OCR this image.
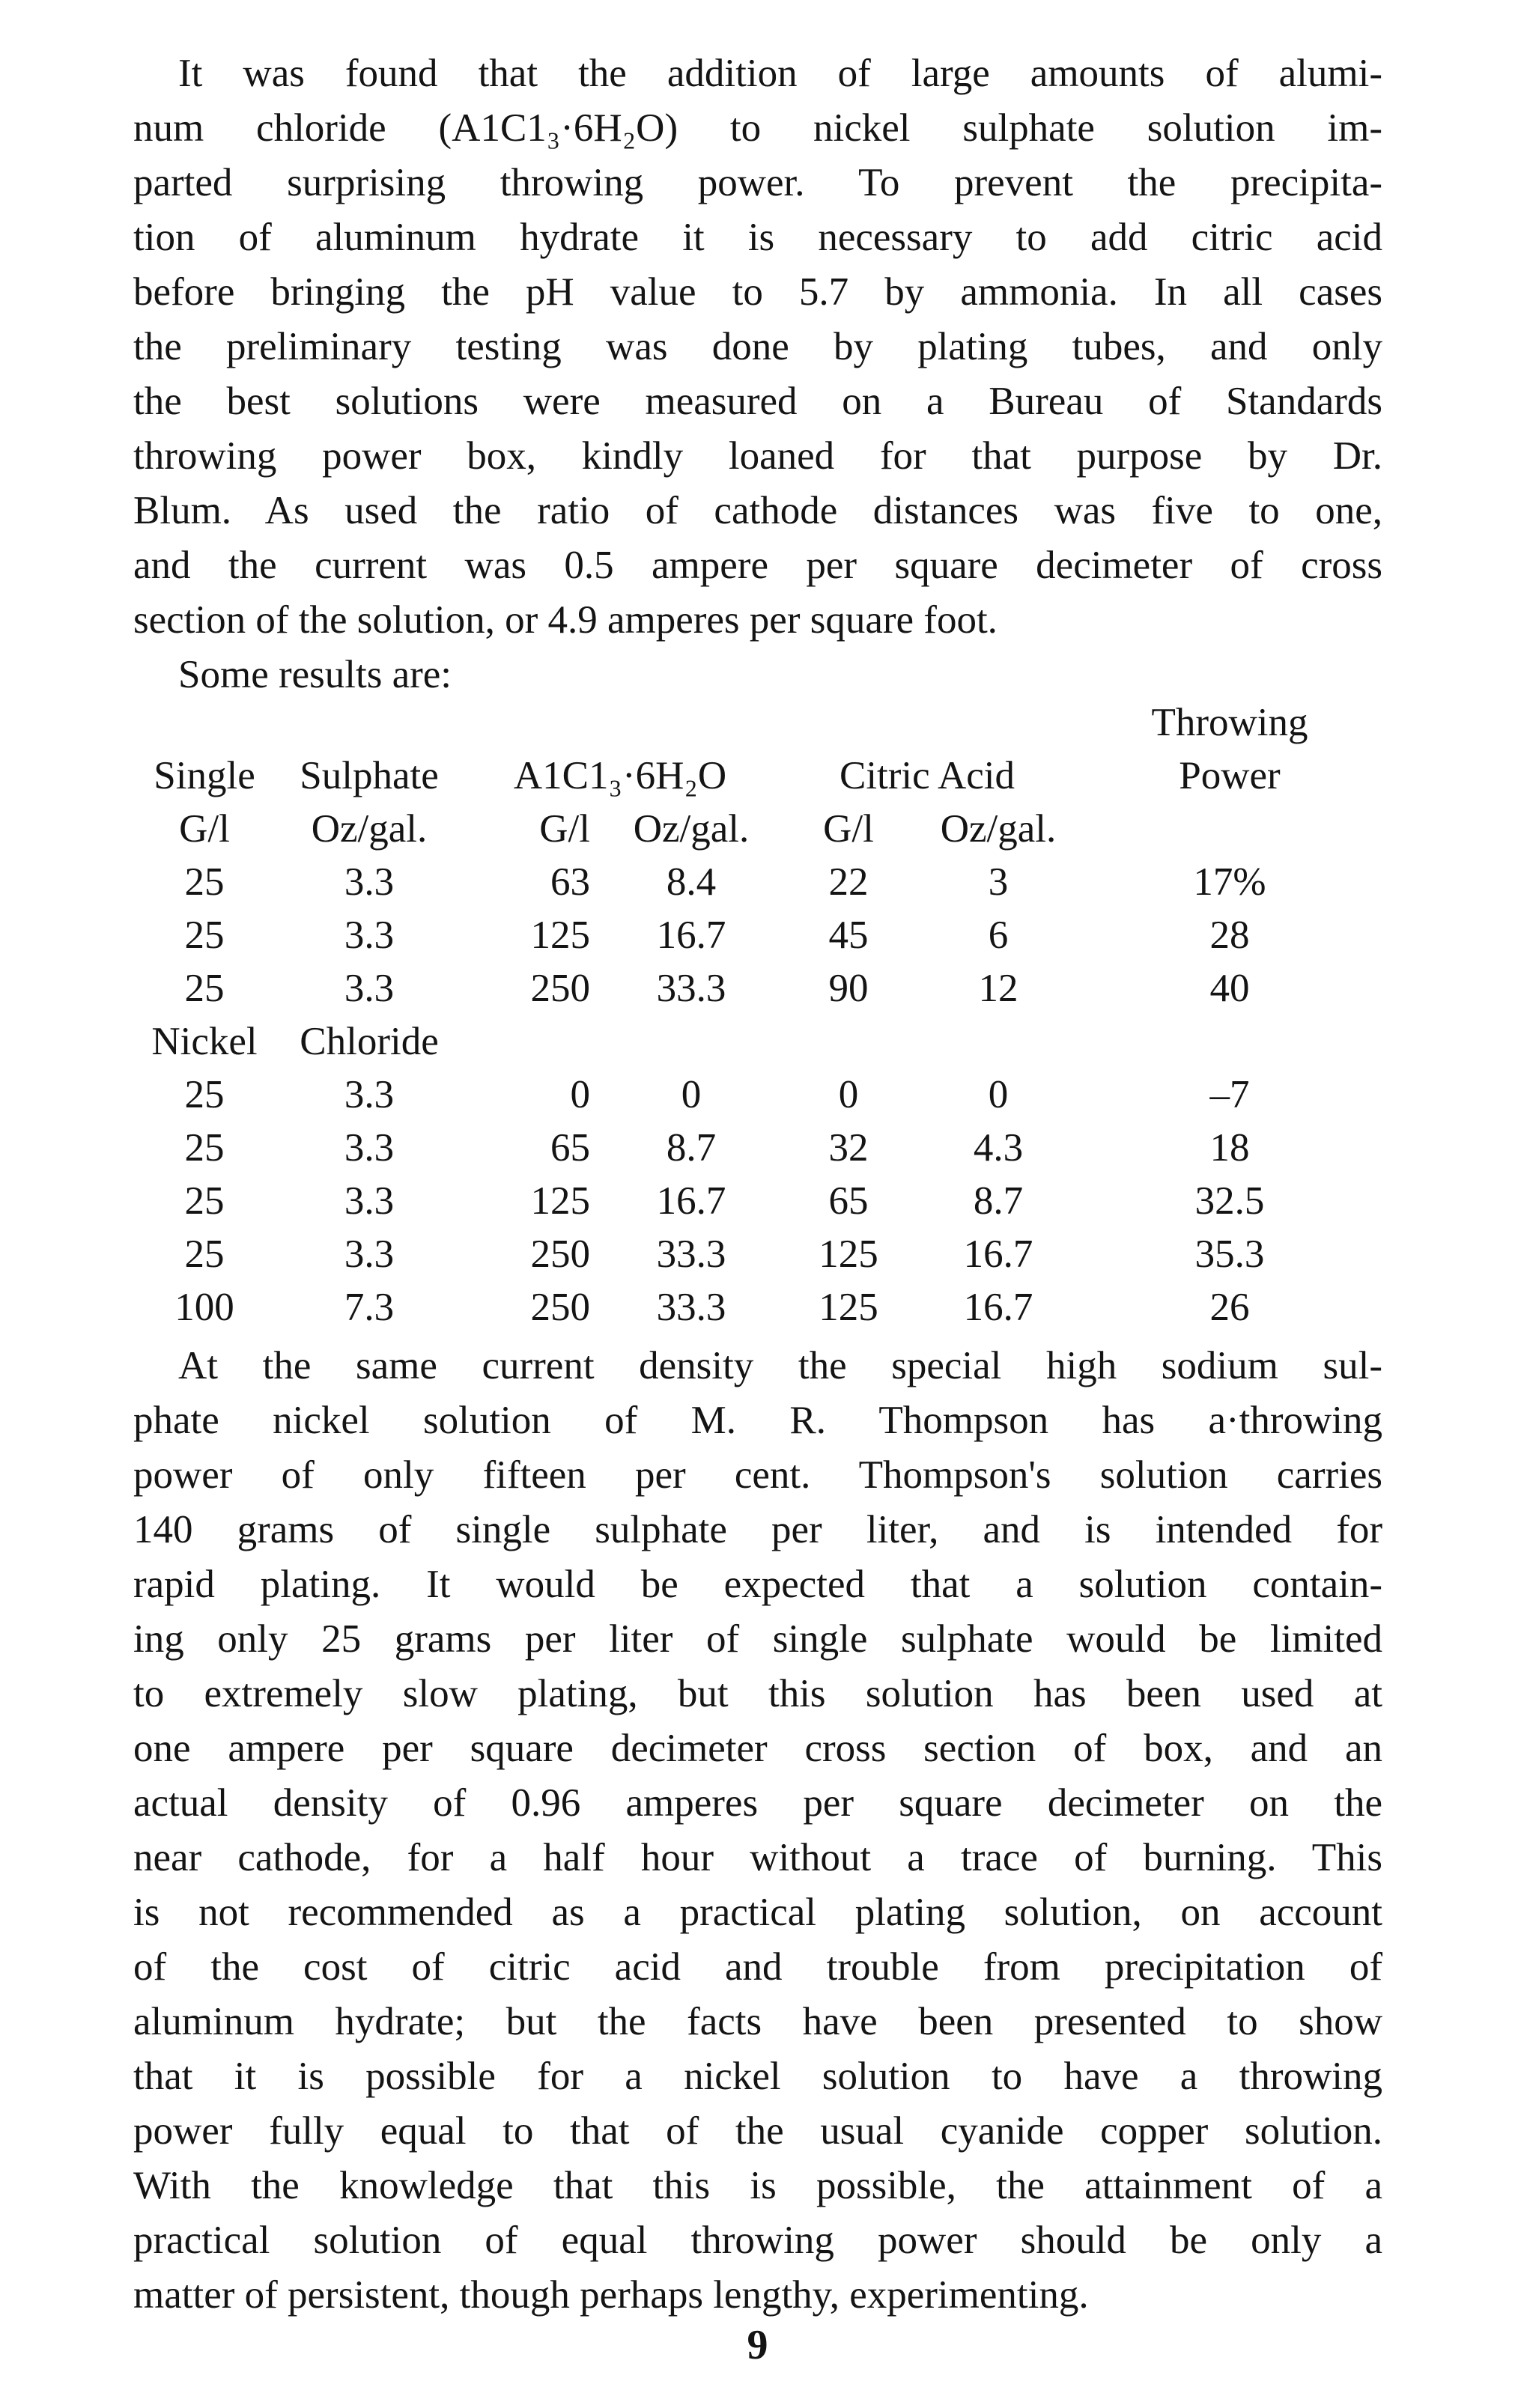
It was found that the addition of large amounts of alumi-
num chloride (A1C1₃·6H₂O) to nickel sulphate solution im-
parted surprising throwing power. To prevent the precipita-
tion of aluminum hydrate it is necessary to add citric acid
before bringing the pH value to 5.7 by ammonia. In all cases
the preliminary testing was done by plating tubes, and only
the best solutions were measured on a Bureau of Standards
throwing power box, kindly loaned for that purpose by Dr.
Blum. As used the ratio of cathode distances was five to one,
and the current was 0.5 ampere per square decimeter of cross
section of the solution, or 4.9 amperes per square foot.

Some results are:

						Throwing
Single	Sulphate	A1C1₃·6H₂O		Citric Acid		Power
G/l	Oz/gal.	G/l	Oz/gal.	G/l	Oz/gal.	
25	3.3	63	8.4	22	3	17%
25	3.3	125	16.7	45	6	28
25	3.3	250	33.3	90	12	40
Nickel	Chloride					
25	3.3	0	0	0	0	–7
25	3.3	65	8.7	32	4.3	18
25	3.3	125	16.7	65	8.7	32.5
25	3.3	250	33.3	125	16.7	35.3
100	7.3	250	33.3	125	16.7	26

At the same current density the special high sodium sul-
phate nickel solution of M. R. Thompson has a·throwing
power of only fifteen per cent. Thompson's solution carries
140 grams of single sulphate per liter, and is intended for
rapid plating. It would be expected that a solution contain-
ing only 25 grams per liter of single sulphate would be limited
to extremely slow plating, but this solution has been used at
one ampere per square decimeter cross section of box, and an
actual density of 0.96 amperes per square decimeter on the
near cathode, for a half hour without a trace of burning. This
is not recommended as a practical plating solution, on account
of the cost of citric acid and trouble from precipitation of
aluminum hydrate; but the facts have been presented to show
that it is possible for a nickel solution to have a throwing
power fully equal to that of the usual cyanide copper solution.
With the knowledge that this is possible, the attainment of a
practical solution of equal throwing power should be only a
matter of persistent, though perhaps lengthy, experimenting.

9
